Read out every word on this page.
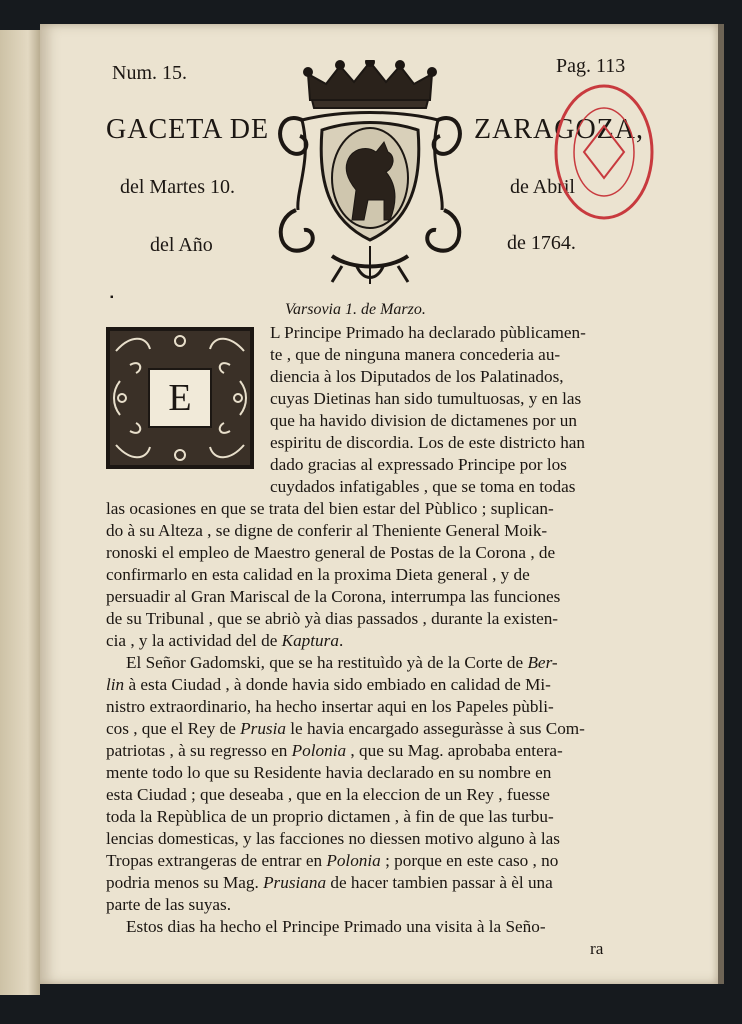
Num. 15.	Pag. 113
GACETA DE	ZARAGOZA,
del Martes 10.	de Abril
del Año	de 1764.
▪
Varsovia 1. de Marzo.
E
L Principe Primado ha declarado pùblicamen-
te , que de ninguna manera concederia au-
diencia à los Diputados de los Palatinados,
cuyas Dietinas han sido tumultuosas, y en las
que ha havido division de dictamenes por un
espiritu de discordia. Los de este districto han
dado gracias al expressado Principe por los
cuydados infatigables , que se toma en todas
las ocasiones en que se trata del bien estar del Pùblico ; suplican-
do à su Alteza , se digne de conferir al Theniente General Moik-
ronoski el empleo de Maestro general de Postas de la Corona , de
confirmarlo en esta calidad en la proxima Dieta general , y de
persuadir al Gran Mariscal de la Corona, interrumpa las funciones
de su Tribunal , que se abriò yà dias passados , durante la existen-
cia , y la actividad del de Kaptura.
El Señor Gadomski, que se ha restituìdo yà de la Corte de Ber-
lin à esta Ciudad , à donde havia sido embiado en calidad de Mi-
nistro extraordinario, ha hecho insertar aqui en los Papeles pùbli-
cos , que el Rey de Prusia le havia encargado asseguràsse à sus Com-
patriotas , à su regresso en Polonia , que su Mag. aprobaba entera-
mente todo lo que su Residente havia declarado en su nombre en
esta Ciudad ; que deseaba , que en la eleccion de un Rey , fuesse
toda la Repùblica de un proprio dictamen , à fin de que las turbu-
lencias domesticas, y las facciones no diessen motivo alguno à las
Tropas extrangeras de entrar en Polonia ; porque en este caso , no
podria menos su Mag. Prusiana de hacer tambien passar à èl una
parte de las suyas.
Estos dias ha hecho el Principe Primado una visita à la Seño-
ra
